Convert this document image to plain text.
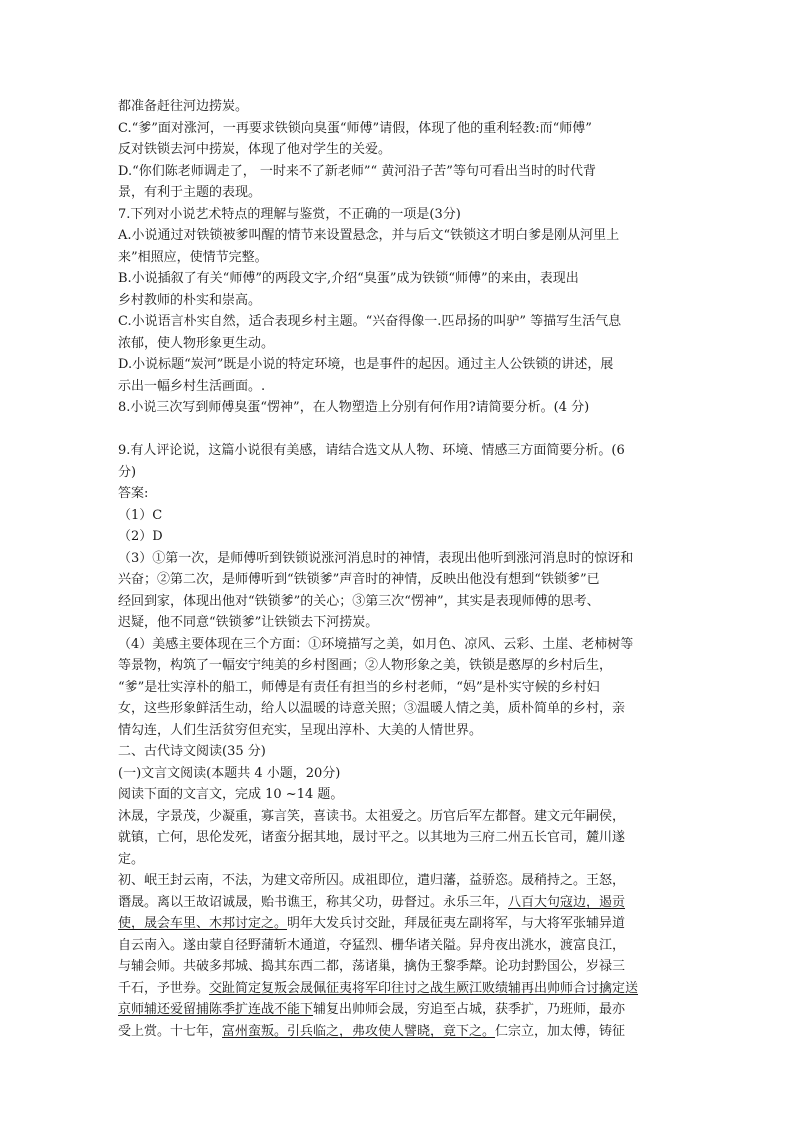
都准备赶往河边捞炭。
C.“爹”面对涨河，一再要求铁锁向臭蛋“师傅”请假，体现了他的重利轻教:而“师傅”
反对铁锁去河中捞炭，体现了他对学生的关爱。
D.“你们陈老师调走了， 一时来不了新老师”“ 黄河沿子苦”等句可看出当时的时代背
景，有利于主题的表现。
7.下列对小说艺术特点的理解与鉴赏，不正确的一项是(3分)
A.小说通过对铁锁被爹叫醒的情节来设置悬念，并与后文“铁锁这才明白爹是刚从河里上
来”相照应，使情节完整。
B.小说插叙了有关“师傅”的两段文字,介绍“臭蛋”成为铁锁“师傅”的来由，表现出
乡村教师的朴实和崇高。
C.小说语言朴实自然，适合表现乡村主题。“兴奋得像一.匹昂扬的叫驴” 等描写生活气息
浓郁，使人物形象更生动。
D.小说标题“炭河”既是小说的特定环境，也是事件的起因。通过主人公铁锁的讲述，展
示出一幅乡村生活画面。.
8.小说三次写到师傅臭蛋“愣神”，在人物塑造上分别有何作用?请简要分析。(4 分)
9.有人评论说，这篇小说很有美感，请结合选文从人物、环境、情感三方面简要分析。(6
分)
答案:
（1）C
（2）D
（3）①第一次，是师傅听到铁锁说涨河消息时的神情，表现出他听到涨河消息时的惊讶和
兴奋；②第二次，是师傅听到“铁锁爹”声音时的神情，反映出他没有想到“铁锁爹”已
经回到家，体现出他对“铁锁爹”的关心；③第三次“愣神”，其实是表现师傅的思考、
迟疑，他不同意“铁锁爹”让铁锁去下河捞炭。
（4）美感主要体现在三个方面：①环境描写之美，如月色、凉风、云彩、土崖、老柿树等
等景物，构筑了一幅安宁纯美的乡村图画；②人物形象之美，铁锁是憨厚的乡村后生，
“爹”是壮实淳朴的船工，师傅是有责任有担当的乡村老师，“妈”是朴实守候的乡村妇
女，这些形象鲜活生动，给人以温暖的诗意关照；③温暖人情之美，质朴简单的乡村，亲
情勾连，人们生活贫穷但充实，呈现出淳朴、大美的人情世界。
二、古代诗文阅读(35 分)
(一)文言文阅读(本题共 4 小题，20分)
阅读下面的文言文，完成 10 ~14 题。
沐晟，字景茂，少凝重，寡言笑，喜读书。太祖爱之。历官后军左都督。建文元年嗣侯，
就镇，亡何，思伦发死，诸蛮分据其地，晟讨平之。以其地为三府二州五长官司，麓川遂
定。
初、岷王封云南，不法，为建文帝所囚。成祖即位，遣归藩，益骄恣。晟稍持之。王怒，
谮晟。离以王故诏诚晟，贻书谯王，称其父功，毋督过。永乐三年，八百大句寇边，遏贡
使，晟会车里、木邦讨定之。明年大发兵讨交趾，拜晟征夷左副将军，与大将军张辅异道
自云南入。遂由蒙自径野蒲斩木通道，夺猛烈、栅华诸关隘。舁舟夜出洮水，渡富良江，
与辅会师。共破多邦城、捣其东西二都，荡诸巢，擒伪王黎季犛。论功封黔国公，岁禄三
千石，予世券。交趾简定复叛会晟佩征夷将军印往讨之战生厥江败绩辅再出帅师合讨擒定送
京师辅还爱留捕陈季扩连战不能下辅复出帅师会晟，穷追至占城，获季扩，乃班师，最亦
受上赏。十七年，富州蛮叛。引兵临之，弗攻使人譬晓，竟下之。仁宗立，加太傅，铸征
